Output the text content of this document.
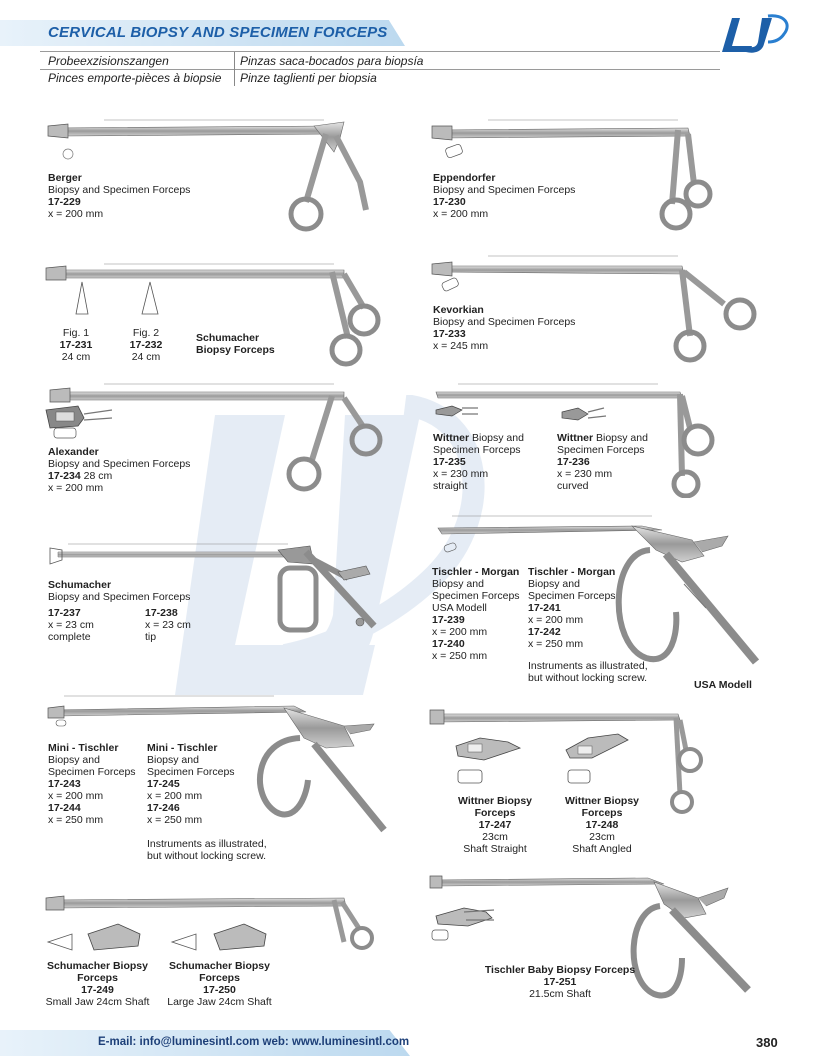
CERVICAL BIOPSY AND SPECIMEN FORCEPS
Probeexzisionszangen	Pinzas saca-bocados para biopsía
Pinces emporte-pièces à biopsie Pinze taglienti per biopsia
Berger
Biopsy and Specimen Forceps
17-229
x = 200 mm
Fig. 1
17-231
24 cm
Fig. 2
17-232
24 cm
Schumacher
Biopsy Forceps
Alexander
Biopsy and Specimen Forceps
17-234 28 cm
x = 200 mm
Schumacher
Biopsy and Specimen Forceps
17-237
x = 23 cm
complete
17-238
x = 23 cm
tip
Mini - Tischler
Biopsy and
Specimen Forceps
17-243
x = 200 mm
17-244
x = 250 mm
Mini - Tischler
Biopsy and
Specimen Forceps
17-245
x = 200 mm
17-246
x = 250 mm
Instruments as illustrated,
but without locking screw.
Schumacher Biopsy
Forceps
17-249
Small Jaw 24cm Shaft
Schumacher Biopsy
Forceps
17-250
Large Jaw 24cm Shaft
Eppendorfer
Biopsy and Specimen Forceps
17-230
x = 200 mm
Kevorkian
Biopsy and Specimen Forceps
17-233
x = 245 mm
Wittner Biopsy and
Specimen Forceps
17-235
x = 230 mm
straight
Wittner Biopsy and
Specimen Forceps
17-236
x = 230 mm
curved
Tischler - Morgan
Biopsy and
Specimen Forceps
USA Modell
17-239
x = 200 mm
17-240
x = 250 mm
Tischler - Morgan
Biopsy and
Specimen Forceps
17-241
x = 200 mm
17-242
x = 250 mm
Instruments as illustrated,
but without locking screw.
USA Modell
Wittner Biopsy
Forceps
17-247
23cm
Shaft Straight
Wittner Biopsy
Forceps
17-248
23cm
Shaft Angled
Tischler Baby Biopsy Forceps
17-251
21.5cm Shaft
E-mail: info@luminesintl.com web: www.luminesintl.com	380
